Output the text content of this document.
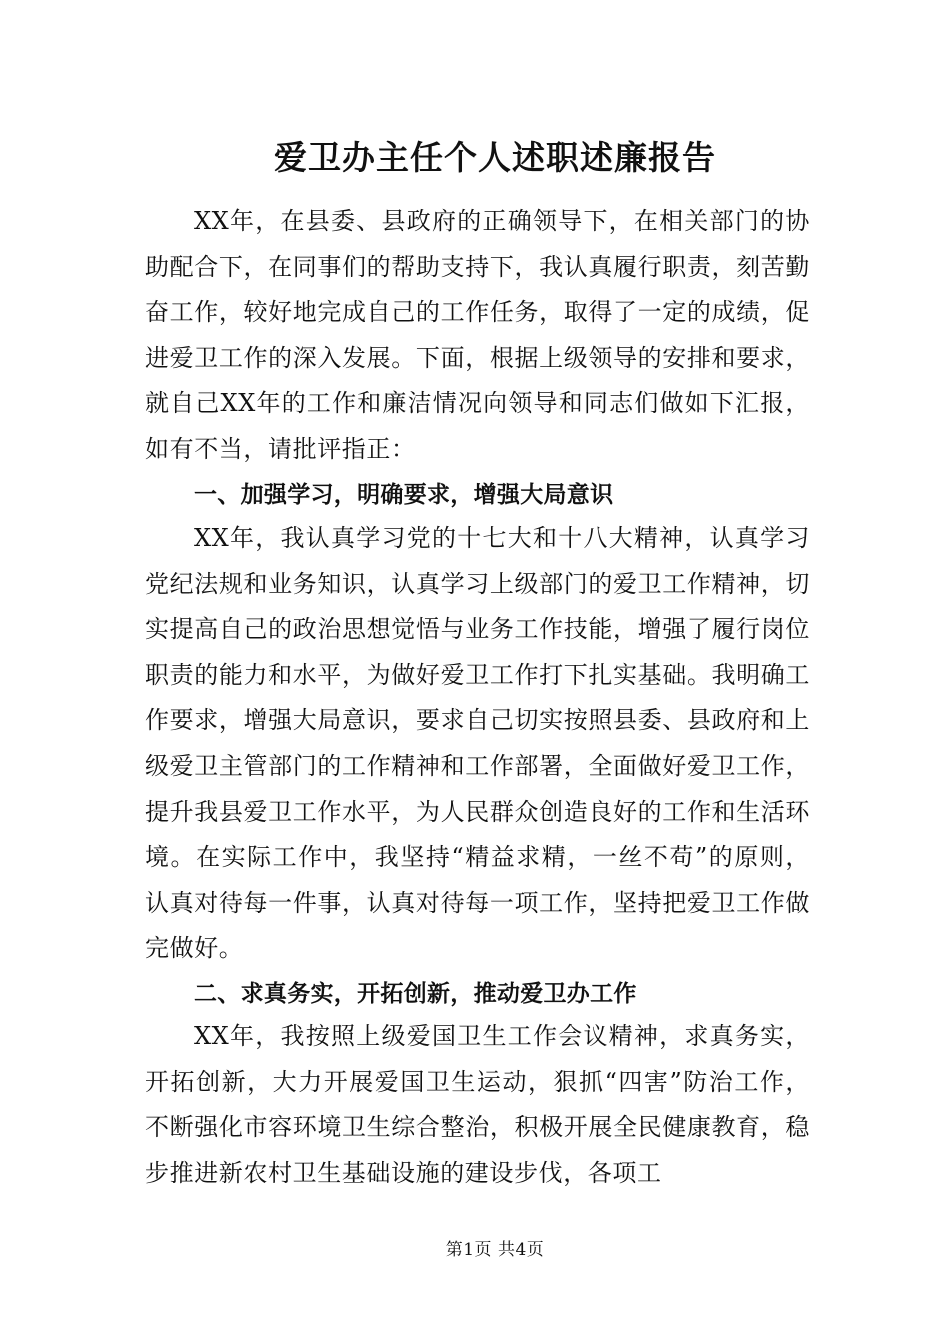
爱卫办主任个人述职述廉报告

XX年，在县委、县政府的正确领导下，在相关部门的协助配合下，在同事们的帮助支持下，我认真履行职责，刻苦勤奋工作，较好地完成自己的工作任务，取得了一定的成绩，促进爱卫工作的深入发展。下面，根据上级领导的安排和要求，就自己XX年的工作和廉洁情况向领导和同志们做如下汇报，如有不当，请批评指正：

一、加强学习，明确要求，增强大局意识

XX年，我认真学习党的十七大和十八大精神，认真学习党纪法规和业务知识，认真学习上级部门的爱卫工作精神，切实提高自己的政治思想觉悟与业务工作技能，增强了履行岗位职责的能力和水平，为做好爱卫工作打下扎实基础。我明确工作要求，增强大局意识，要求自己切实按照县委、县政府和上级爱卫主管部门的工作精神和工作部署，全面做好爱卫工作，提升我县爱卫工作水平，为人民群众创造良好的工作和生活环境。在实际工作中，我坚持“精益求精，一丝不苟”的原则，认真对待每一件事，认真对待每一项工作，坚持把爱卫工作做完做好。

二、求真务实，开拓创新，推动爱卫办工作

XX年，我按照上级爱国卫生工作会议精神，求真务实，开拓创新，大力开展爱国卫生运动，狠抓“四害”防治工作，不断强化市容环境卫生综合整治，积极开展全民健康教育，稳步推进新农村卫生基础设施的建设步伐，各项工

第1页 共4页
